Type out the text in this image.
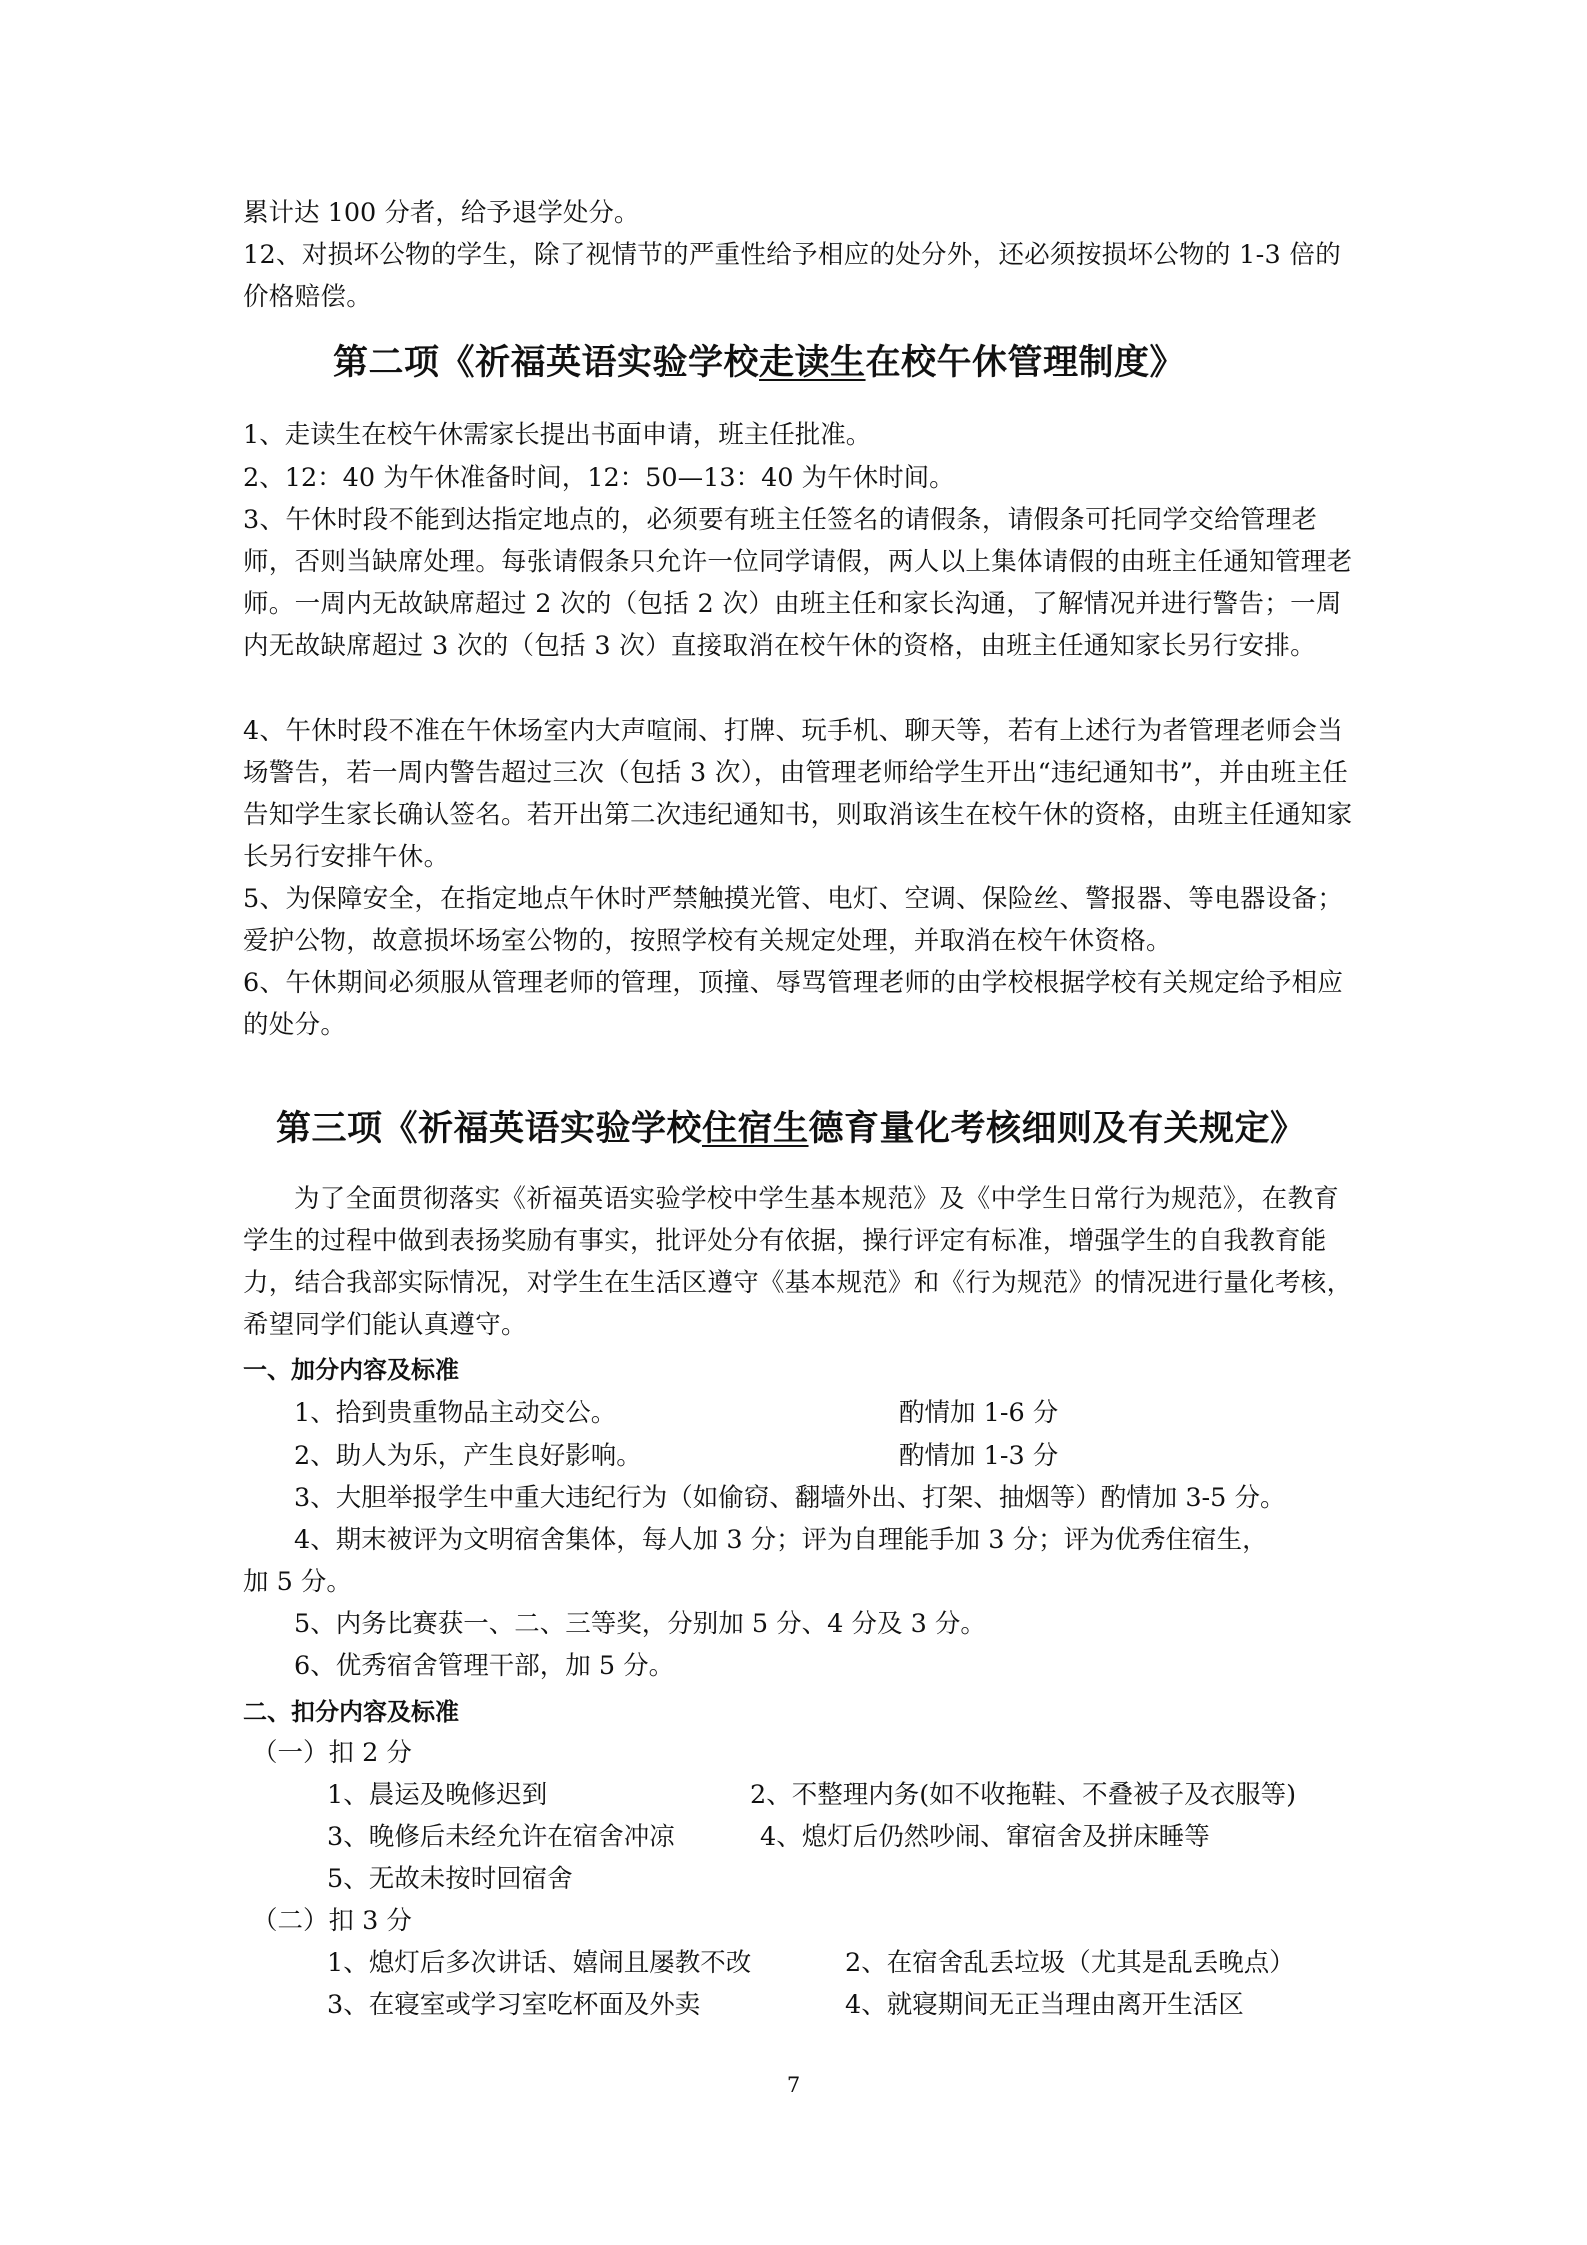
累计达 100 分者，给予退学处分。

12、对损坏公物的学生，除了视情节的严重性给予相应的处分外，还必须按损坏公物的 1-3 倍的价格赔偿。

第二项《祈福英语实验学校走读生在校午休管理制度》

1、走读生在校午休需家长提出书面申请，班主任批准。

2、12：40 为午休准备时间，12：50—13：40 为午休时间。

3、午休时段不能到达指定地点的，必须要有班主任签名的请假条，请假条可托同学交给管理老师，否则当缺席处理。每张请假条只允许一位同学请假，两人以上集体请假的由班主任通知管理老师。一周内无故缺席超过 2 次的（包括 2 次）由班主任和家长沟通，了解情况并进行警告；一周内无故缺席超过 3 次的（包括 3 次）直接取消在校午休的资格，由班主任通知家长另行安排。

4、午休时段不准在午休场室内大声喧闹、打牌、玩手机、聊天等，若有上述行为者管理老师会当场警告，若一周内警告超过三次（包括 3 次），由管理老师给学生开出“违纪通知书”，并由班主任告知学生家长确认签名。若开出第二次违纪通知书，则取消该生在校午休的资格，由班主任通知家长另行安排午休。

5、为保障安全，在指定地点午休时严禁触摸光管、电灯、空调、保险丝、警报器、等电器设备；爱护公物，故意损坏场室公物的，按照学校有关规定处理，并取消在校午休资格。

6、午休期间必须服从管理老师的管理，顶撞、辱骂管理老师的由学校根据学校有关规定给予相应的处分。

第三项《祈福英语实验学校住宿生德育量化考核细则及有关规定》

为了全面贯彻落实《祈福英语实验学校中学生基本规范》及《中学生日常行为规范》，在教育学生的过程中做到表扬奖励有事实，批评处分有依据，操行评定有标准，增强学生的自我教育能力，结合我部实际情况，对学生在生活区遵守《基本规范》和《行为规范》的情况进行量化考核，希望同学们能认真遵守。

一、加分内容及标准

1、拾到贵重物品主动交公。	酌情加 1-6 分

2、助人为乐，产生良好影响。	酌情加 1-3 分

3、大胆举报学生中重大违纪行为（如偷窃、翻墙外出、打架、抽烟等）酌情加 3-5 分。

4、期末被评为文明宿舍集体，每人加 3 分；评为自理能手加 3 分；评为优秀住宿生，

加 5 分。

5、内务比赛获一、二、三等奖，分别加 5 分、4 分及 3 分。

6、优秀宿舍管理干部，加 5 分。

二、扣分内容及标准

（一）扣 2 分

1、晨运及晚修迟到	2、不整理内务(如不收拖鞋、不叠被子及衣服等)

3、晚修后未经允许在宿舍冲凉	4、熄灯后仍然吵闹、窜宿舍及拼床睡等

5、无故未按时回宿舍

（二）扣 3 分

1、熄灯后多次讲话、嬉闹且屡教不改	2、在宿舍乱丢垃圾（尤其是乱丢晚点）

3、在寝室或学习室吃杯面及外卖	4、就寝期间无正当理由离开生活区

7
